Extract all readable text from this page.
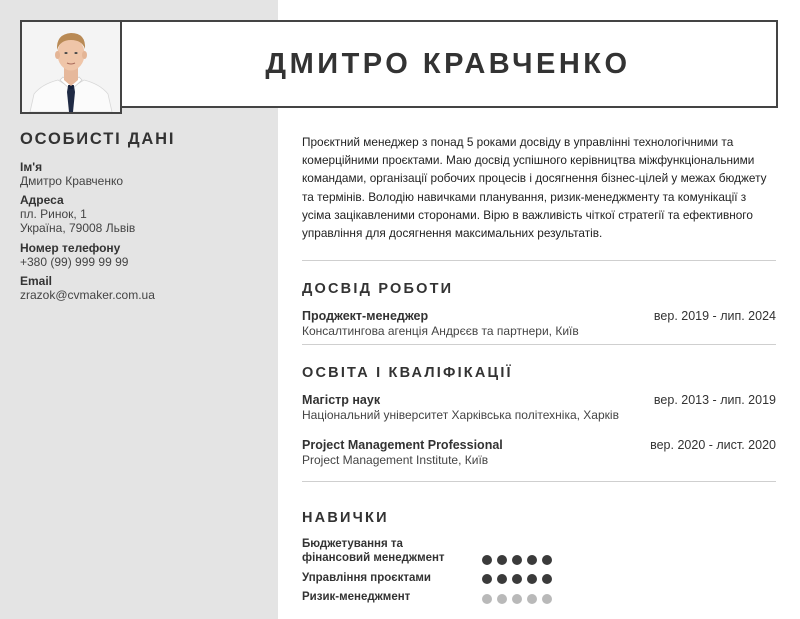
ДМИТРО КРАВЧЕНКО
ОСОБИСТІ ДАНІ
Ім'я
Дмитро Кравченко
Адреса
пл. Ринок, 1
Україна, 79008 Львів
Номер телефону
+380 (99) 999 99 99
Email
zrazok@cvmaker.com.ua

Проєктний менеджер з понад 5 роками досвіду в управлінні технологічними та комерційними проєктами. Маю досвід успішного керівництва міжфункціональними командами, організації робочих процесів і досягнення бізнес-цілей у межах бюджету та термінів. Володію навичками планування, ризик-менеджменту та комунікації з усіма зацікавленими сторонами. Вірю в важливість чіткої стратегії та ефективного управління для досягнення максимальних результатів.

ДОСВІД РОБОТИ
Проджект-менеджер	вер. 2019 - лип. 2024
Консалтингова агенція Андрєєв та партнери, Київ
ОСВІТА І КВАЛІФІКАЦІЇ
Магістр наук	вер. 2013 - лип. 2019
Національний університет Харківська політехніка, Харків
Project Management Professional	вер. 2020 - лист. 2020
Project Management Institute, Київ
НАВИЧКИ
Бюджетування та фінансовий менеджмент
Управління проєктами
Ризик-менеджмент
